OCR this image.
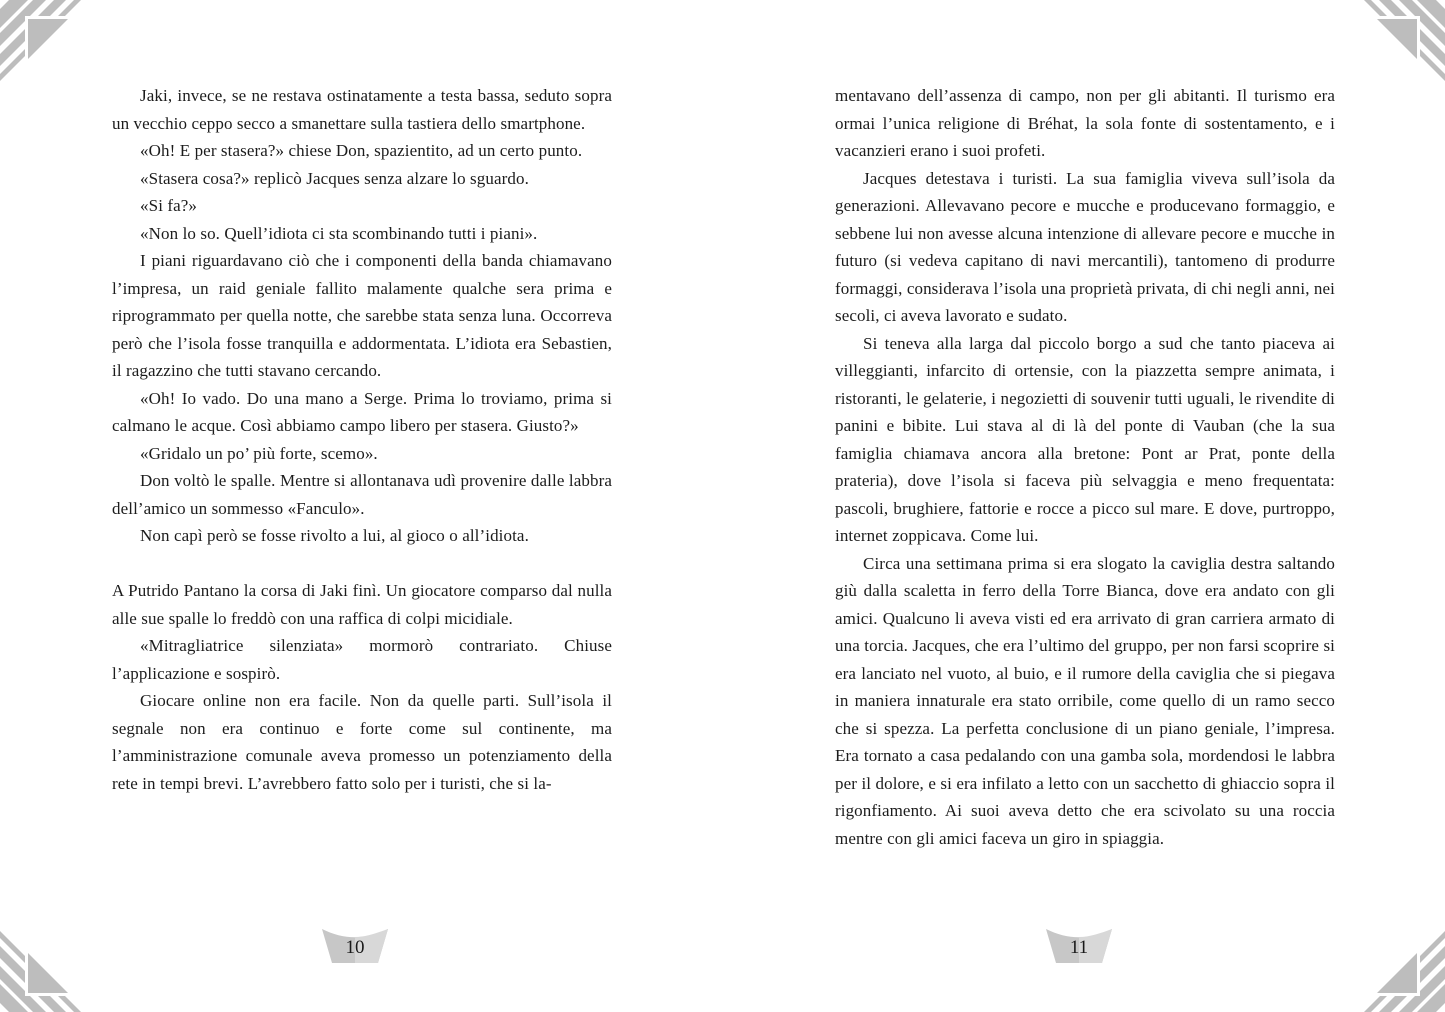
Jaki, invece, se ne restava ostinatamente a testa bassa, seduto sopra un vecchio ceppo secco a smanettare sulla tastiera dello smartphone.

«Oh! E per stasera?» chiese Don, spazientito, ad un certo punto.

«Stasera cosa?» replicò Jacques senza alzare lo sguardo.

«Si fa?»

«Non lo so. Quell’idiota ci sta scombinando tutti i piani».

I piani riguardavano ciò che i componenti della banda chiamavano l’impresa, un raid geniale fallito malamente qualche sera prima e riprogrammato per quella notte, che sarebbe stata senza luna. Occorreva però che l’isola fosse tranquilla e addormentata. L’idiota era Sebastien, il ragazzino che tutti stavano cercando.

«Oh! Io vado. Do una mano a Serge. Prima lo troviamo, prima si calmano le acque. Così abbiamo campo libero per stasera. Giusto?»

«Gridalo un po’ più forte, scemo».

Don voltò le spalle. Mentre si allontanava udì provenire dalle labbra dell’amico un sommesso «Fanculo».

Non capì però se fosse rivolto a lui, al gioco o all’idiota.

A Putrido Pantano la corsa di Jaki finì. Un giocatore comparso dal nulla alle sue spalle lo freddò con una raffica di colpi micidiale.

«Mitragliatrice silenziata» mormorò contrariato. Chiuse l’applicazione e sospirò.

Giocare online non era facile. Non da quelle parti. Sull’isola il segnale non era continuo e forte come sul continente, ma l’amministrazione comunale aveva promesso un potenziamento della rete in tempi brevi. L’avrebbero fatto solo per i turisti, che si la-

mentavano dell’assenza di campo, non per gli abitanti. Il turismo era ormai l’unica religione di Bréhat, la sola fonte di sostentamento, e i vacanzieri erano i suoi profeti.

Jacques detestava i turisti. La sua famiglia viveva sull’isola da generazioni. Allevavano pecore e mucche e producevano formaggio, e sebbene lui non avesse alcuna intenzione di allevare pecore e mucche in futuro (si vedeva capitano di navi mercantili), tantomeno di produrre formaggi, considerava l’isola una proprietà privata, di chi negli anni, nei secoli, ci aveva lavorato e sudato.

Si teneva alla larga dal piccolo borgo a sud che tanto piaceva ai villeggianti, infarcito di ortensie, con la piazzetta sempre animata, i ristoranti, le gelaterie, i negozietti di souvenir tutti uguali, le rivendite di panini e bibite. Lui stava al di là del ponte di Vauban (che la sua famiglia chiamava ancora alla bretone: Pont ar Prat, ponte della prateria), dove l’isola si faceva più selvaggia e meno frequentata: pascoli, brughiere, fattorie e rocce a picco sul mare. E dove, purtroppo, internet zoppicava. Come lui.

Circa una settimana prima si era slogato la caviglia destra saltando giù dalla scaletta in ferro della Torre Bianca, dove era andato con gli amici. Qualcuno li aveva visti ed era arrivato di gran carriera armato di una torcia. Jacques, che era l’ultimo del gruppo, per non farsi scoprire si era lanciato nel vuoto, al buio, e il rumore della caviglia che si piegava in maniera innaturale era stato orribile, come quello di un ramo secco che si spezza. La perfetta conclusione di un piano geniale, l’impresa. Era tornato a casa pedalando con una gamba sola, mordendosi le labbra per il dolore, e si era infilato a letto con un sacchetto di ghiaccio sopra il rigonfiamento. Ai suoi aveva detto che era scivolato su una roccia mentre con gli amici faceva un giro in spiaggia.

10	11
